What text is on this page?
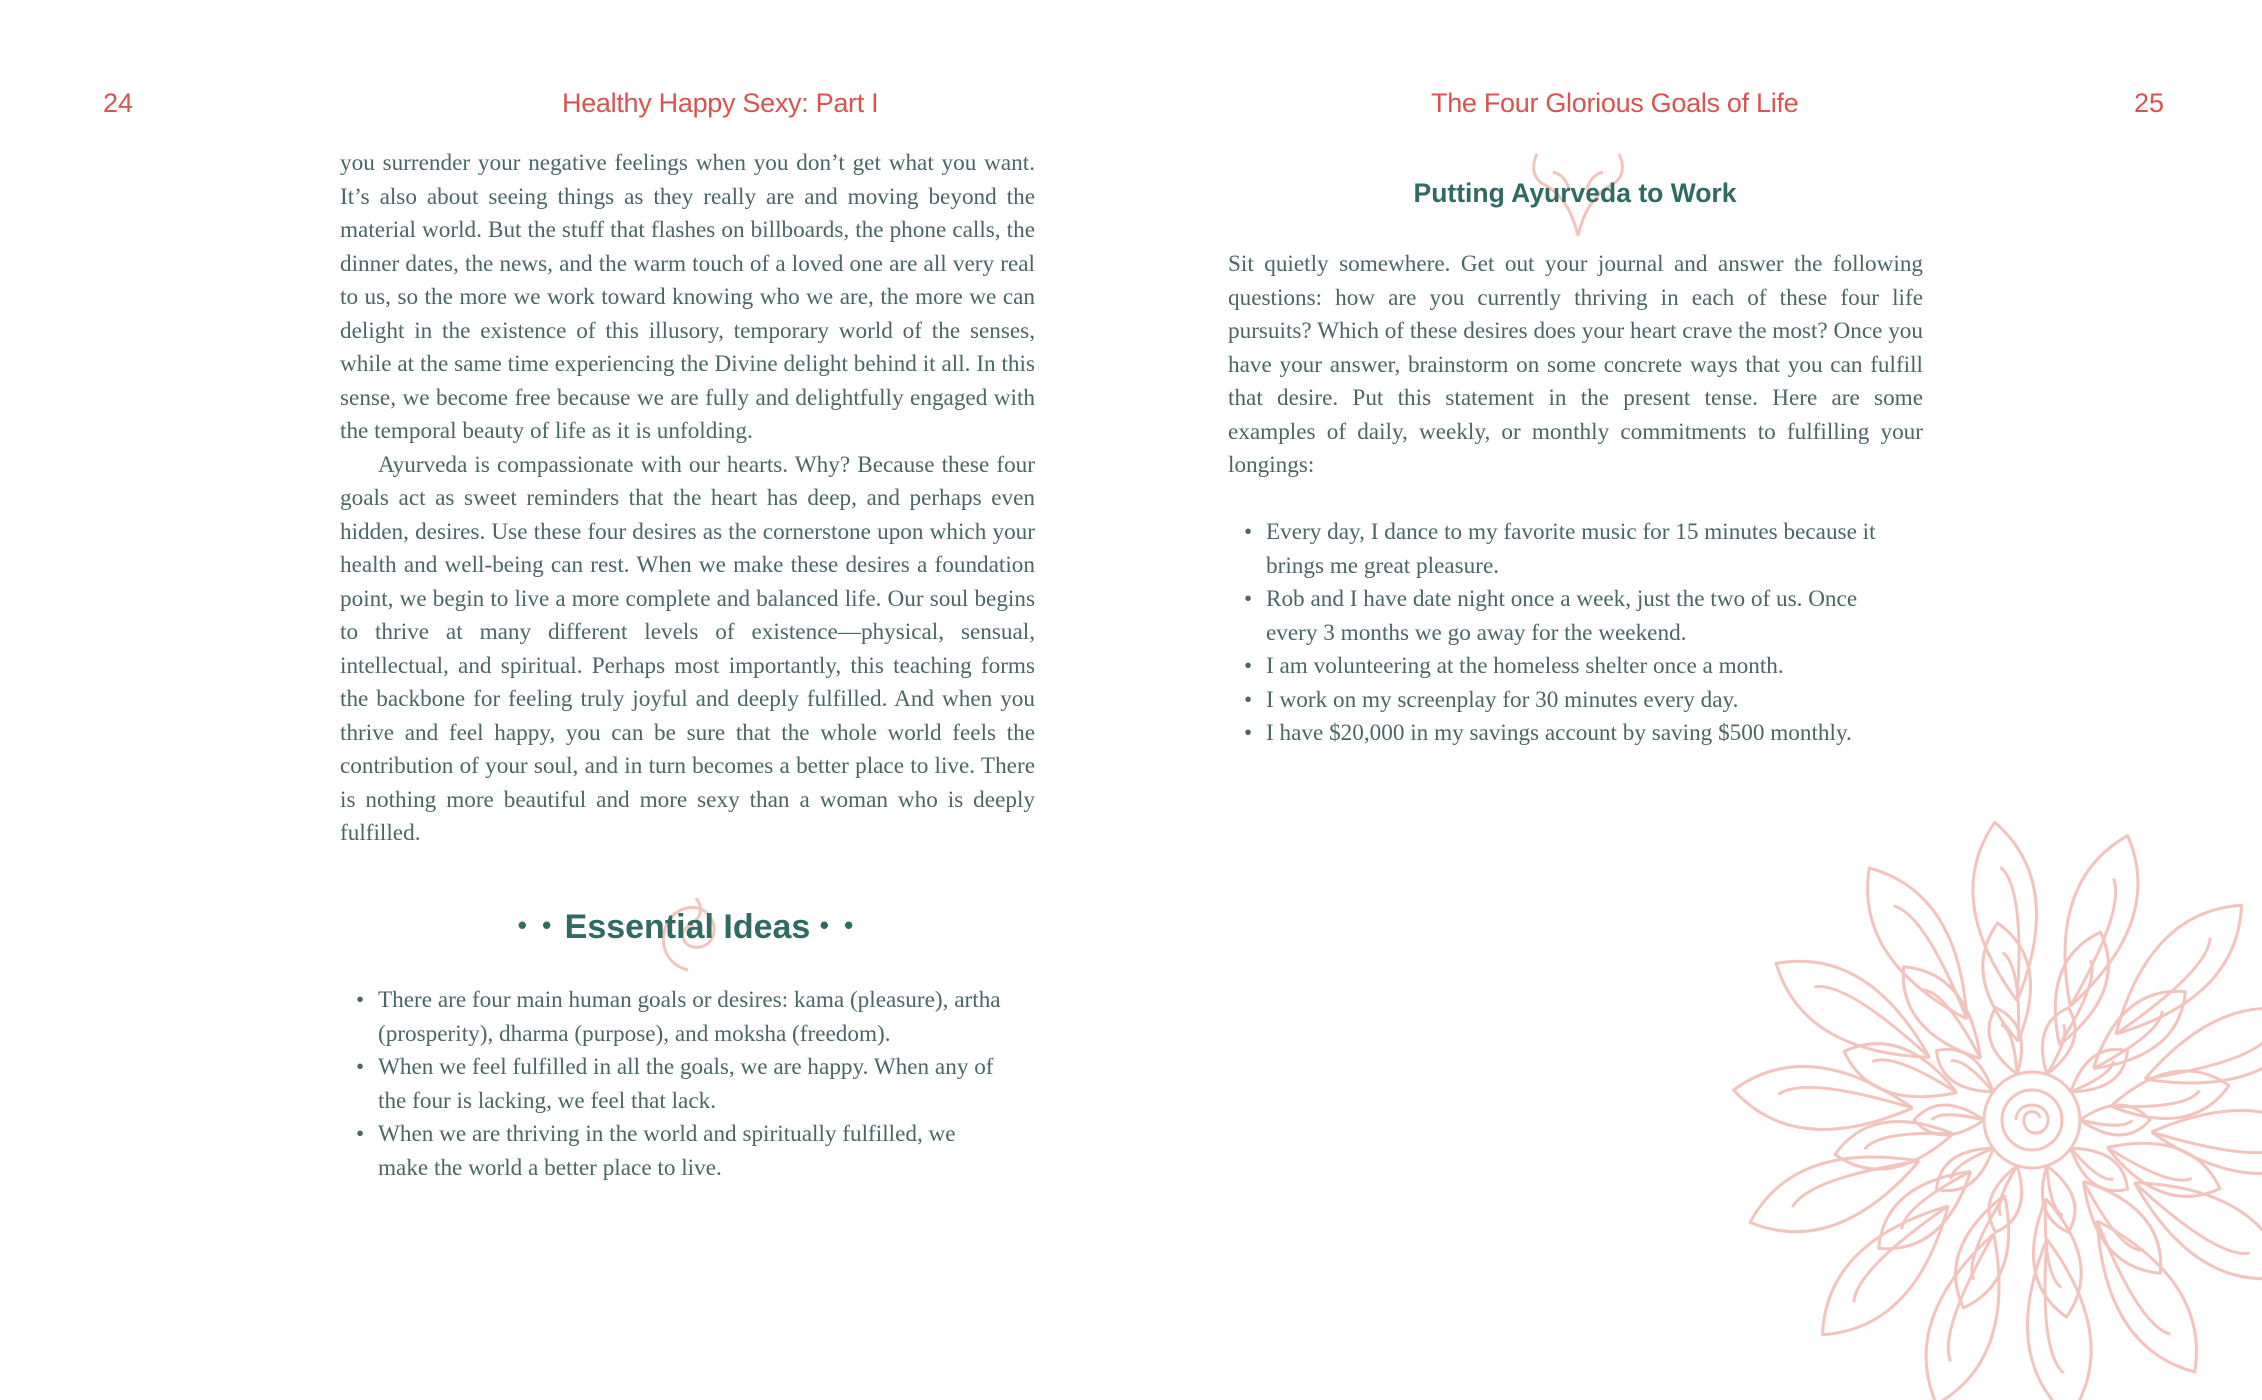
24	Healthy Happy Sexy: Part I

you surrender your negative feelings when you don’t get what you want. It’s also about seeing things as they really are and moving beyond the material world. But the stuff that flashes on billboards, the phone calls, the dinner dates, the news, and the warm touch of a loved one are all very real to us, so the more we work toward knowing who we are, the more we can delight in the existence of this illusory, temporary world of the senses, while at the same time experiencing the Divine delight behind it all. In this sense, we become free because we are fully and delightfully engaged with the temporal beauty of life as it is unfolding.

Ayurveda is compassionate with our hearts. Why? Because these four goals act as sweet reminders that the heart has deep, and perhaps even hidden, desires. Use these four desires as the cornerstone upon which your health and well-being can rest. When we make these desires a foundation point, we begin to live a more complete and balanced life. Our soul begins to thrive at many different levels of existence—physical, sensual, intellectual, and spiritual. Perhaps most importantly, this teaching forms the backbone for feeling truly joyful and deeply fulfilled. And when you thrive and feel happy, you can be sure that the whole world feels the contribution of your soul, and in turn becomes a better place to live. There is nothing more beautiful and more sexy than a woman who is deeply fulfilled.

• • Essential Ideas • •
• There are four main human goals or desires: kama (pleasure), artha (prosperity), dharma (purpose), and moksha (freedom).
• When we feel fulfilled in all the goals, we are happy. When any of the four is lacking, we feel that lack.
• When we are thriving in the world and spiritually fulfilled, we make the world a better place to live.
The Four Glorious Goals of Life	25
Putting Ayurveda to Work

Sit quietly somewhere. Get out your journal and answer the following questions: how are you currently thriving in each of these four life pursuits? Which of these desires does your heart crave the most? Once you have your answer, brainstorm on some concrete ways that you can fulfill that desire. Put this statement in the present tense. Here are some examples of daily, weekly, or monthly commitments to fulfilling your longings:

• Every day, I dance to my favorite music for 15 minutes because it brings me great pleasure.
• Rob and I have date night once a week, just the two of us. Once every 3 months we go away for the weekend.
• I am volunteering at the homeless shelter once a month.
• I work on my screenplay for 30 minutes every day.
• I have $20,000 in my savings account by saving $500 monthly.
